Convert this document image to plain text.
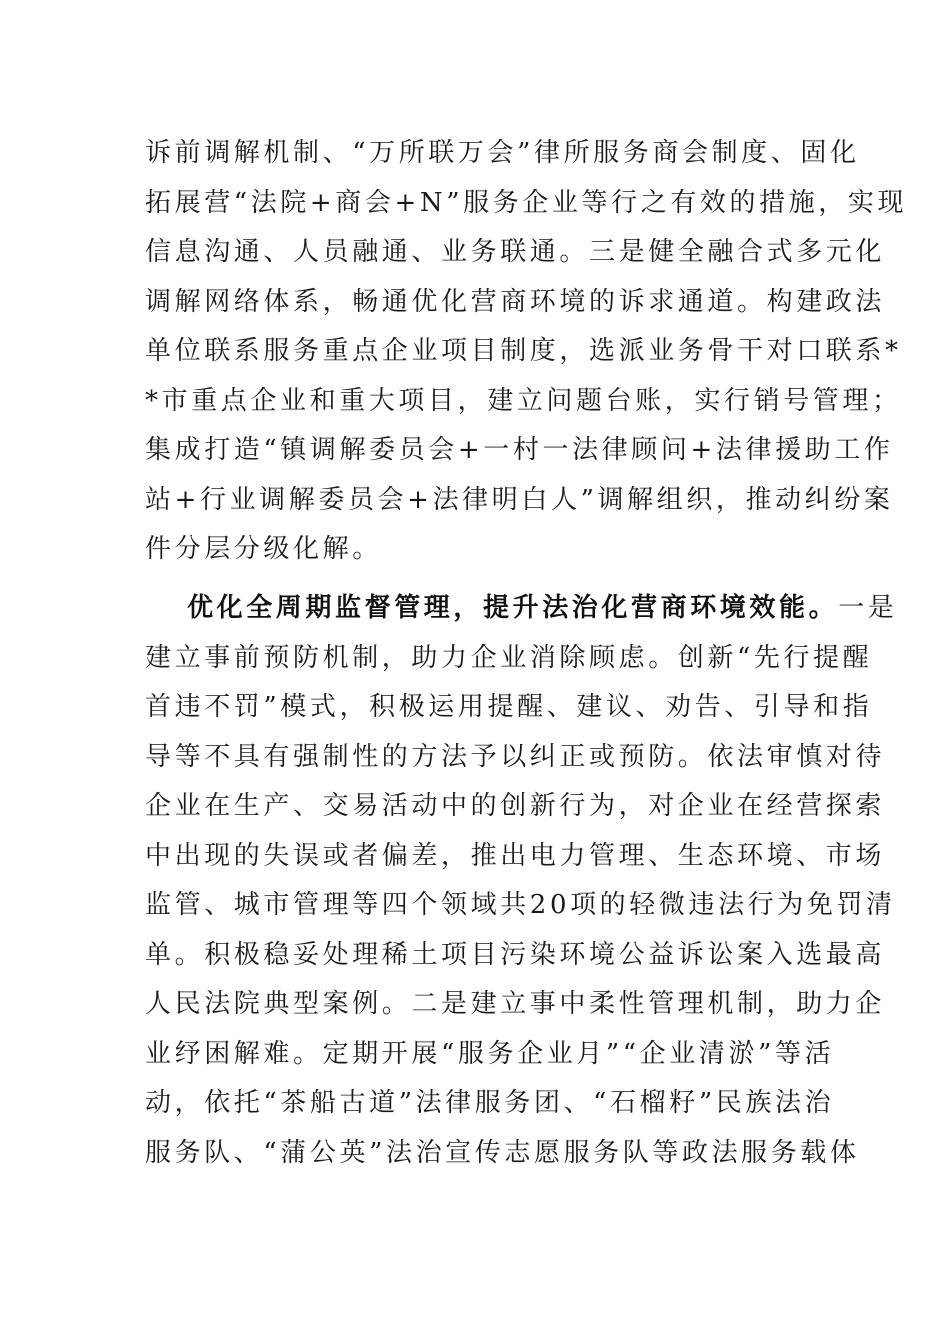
诉前调解机制、“万所联万会”律所服务商会制度、固化
拓展营“法院+商会+N”服务企业等行之有效的措施，实现
信息沟通、人员融通、业务联通。三是健全融合式多元化
调解网络体系，畅通优化营商环境的诉求通道。构建政法
单位联系服务重点企业项目制度，选派业务骨干对口联系*
*市重点企业和重大项目，建立问题台账，实行销号管理；
集成打造“镇调解委员会+一村一法律顾问+法律援助工作
站+行业调解委员会+法律明白人”调解组织，推动纠纷案
件分层分级化解。
优化全周期监督管理，提升法治化营商环境效能。一是
建立事前预防机制，助力企业消除顾虑。创新“先行提醒
首违不罚”模式，积极运用提醒、建议、劝告、引导和指
导等不具有强制性的方法予以纠正或预防。依法审慎对待
企业在生产、交易活动中的创新行为，对企业在经营探索
中出现的失误或者偏差，推出电力管理、生态环境、市场
监管、城市管理等四个领域共20项的轻微违法行为免罚清
单。积极稳妥处理稀土项目污染环境公益诉讼案入选最高
人民法院典型案例。二是建立事中柔性管理机制，助力企
业纾困解难。定期开展“服务企业月”“企业清淤”等活
动，依托“茶船古道”法律服务团、“石榴籽”民族法治
服务队、“蒲公英”法治宣传志愿服务队等政法服务载体
